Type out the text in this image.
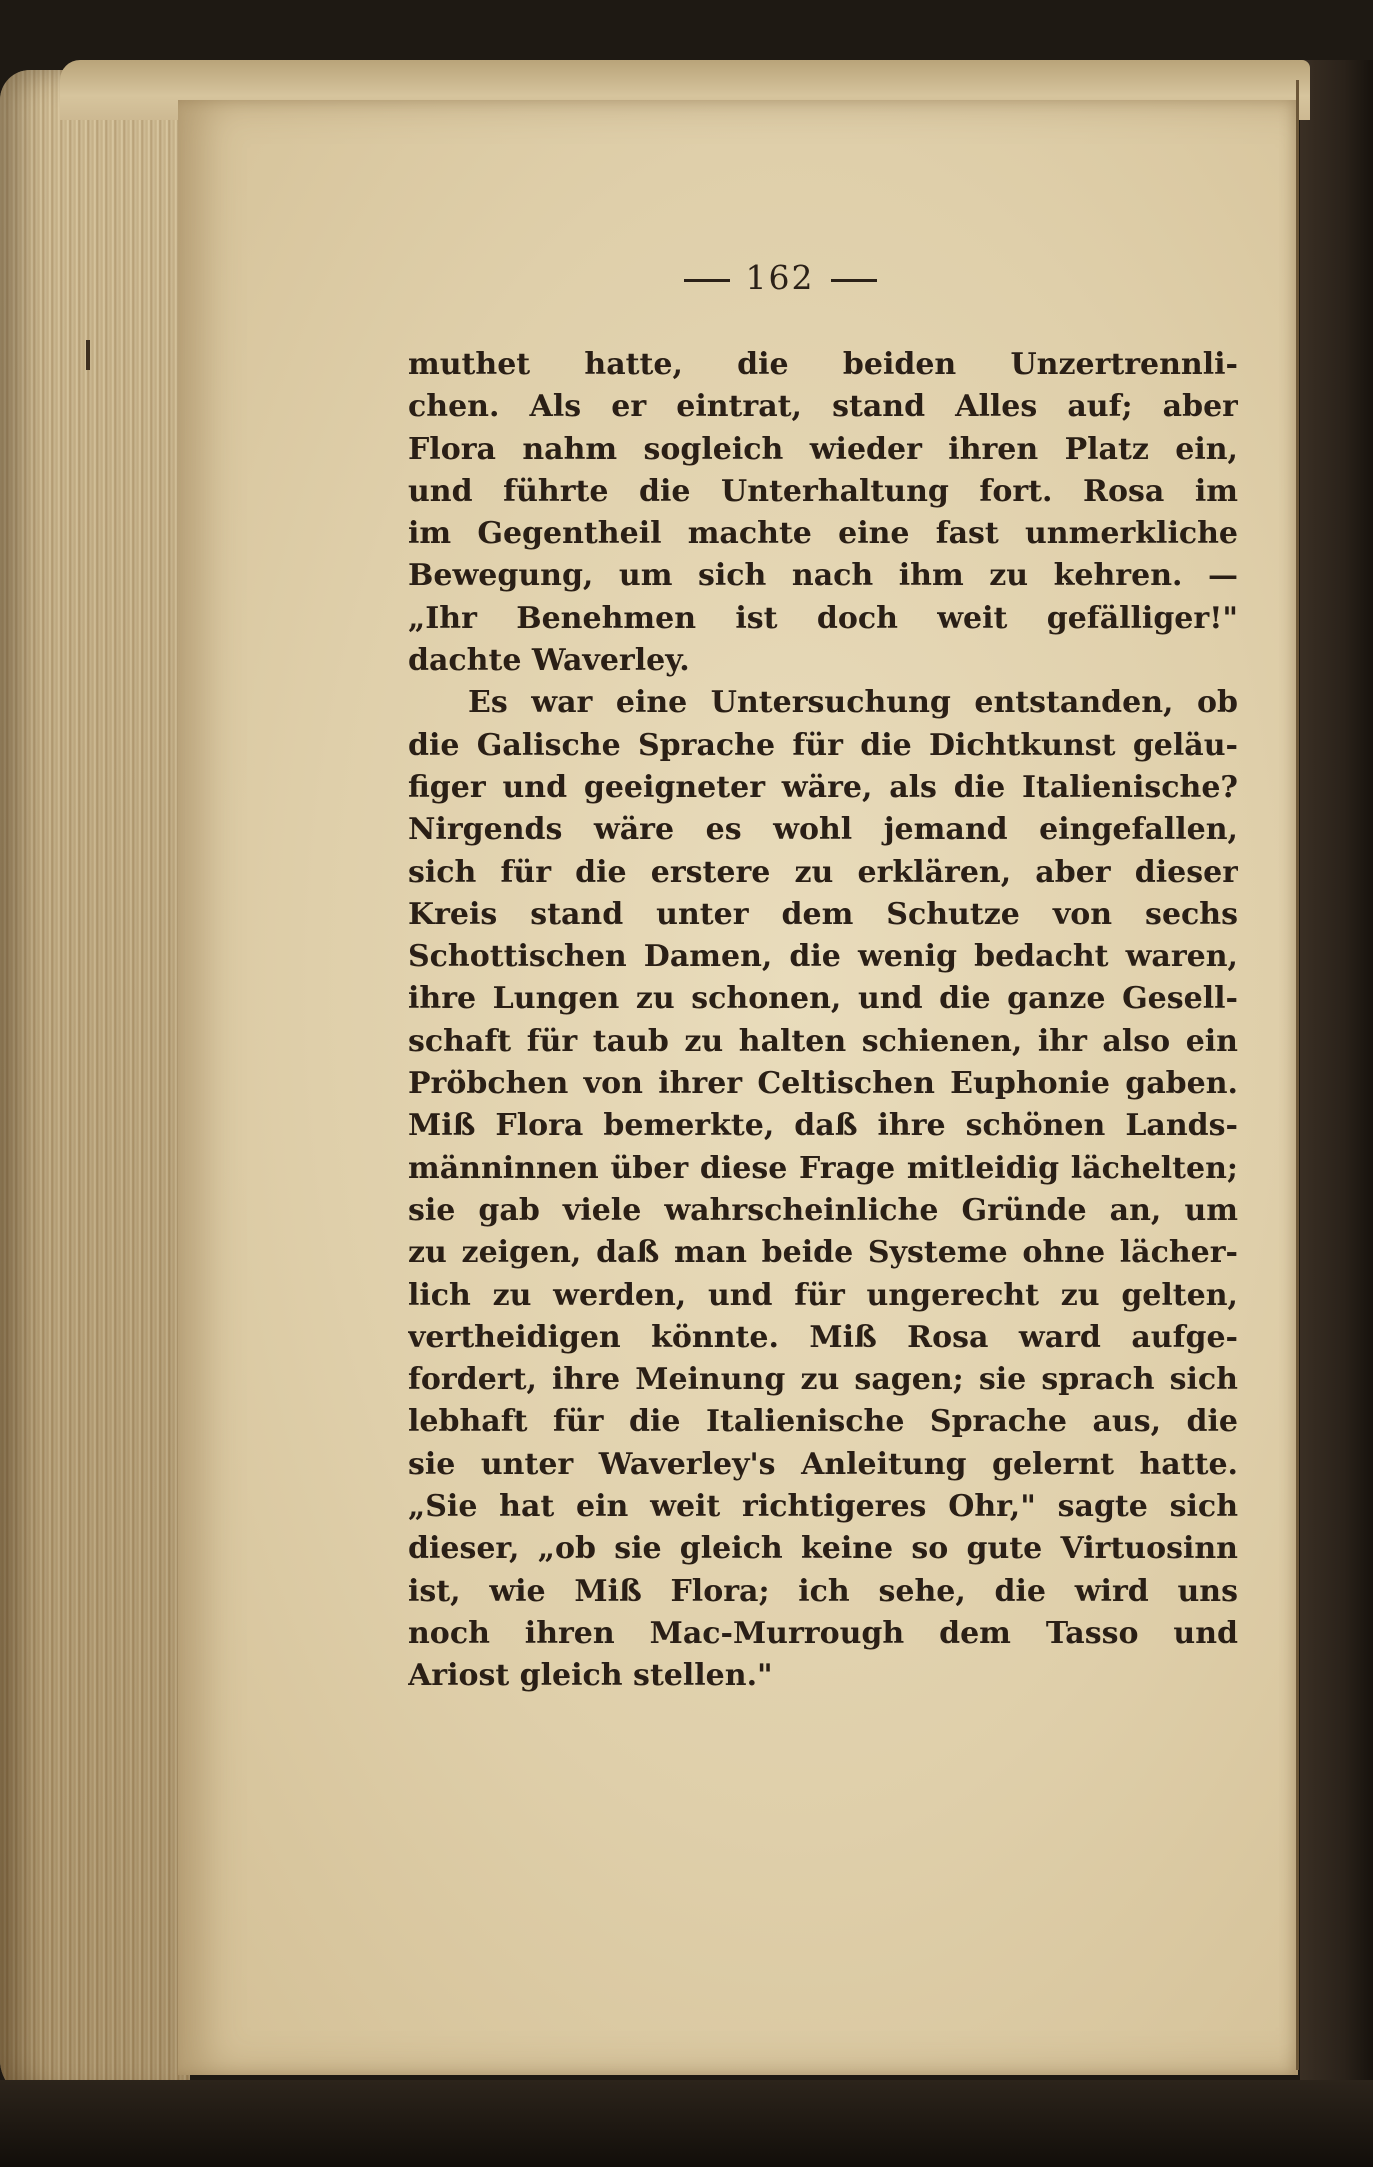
162
muthet hatte, die beiden Unzertrennli-
chen. Als er eintrat, stand Alles auf; aber
Flora nahm sogleich wieder ihren Platz ein,
und führte die Unterhaltung fort. Rosa im
im Gegentheil machte eine fast unmerkliche
Bewegung, um sich nach ihm zu kehren. —
„Ihr Benehmen ist doch weit gefälliger!"
dachte Waverley.
Es war eine Untersuchung entstanden, ob
die Galische Sprache für die Dichtkunst geläu-
figer und geeigneter wäre, als die Italienische?
Nirgends wäre es wohl jemand eingefallen,
sich für die erstere zu erklären, aber dieser
Kreis stand unter dem Schutze von sechs
Schottischen Damen, die wenig bedacht waren,
ihre Lungen zu schonen, und die ganze Gesell-
schaft für taub zu halten schienen, ihr also ein
Pröbchen von ihrer Celtischen Euphonie gaben.
Miß Flora bemerkte, daß ihre schönen Lands-
männinnen über diese Frage mitleidig lächelten;
sie gab viele wahrscheinliche Gründe an, um
zu zeigen, daß man beide Systeme ohne lächer-
lich zu werden, und für ungerecht zu gelten,
vertheidigen könnte. Miß Rosa ward aufge-
fordert, ihre Meinung zu sagen; sie sprach sich
lebhaft für die Italienische Sprache aus, die
sie unter Waverley's Anleitung gelernt hatte.
„Sie hat ein weit richtigeres Ohr," sagte sich
dieser, „ob sie gleich keine so gute Virtuosinn
ist, wie Miß Flora; ich sehe, die wird uns
noch ihren Mac-Murrough dem Tasso und
Ariost gleich stellen."
